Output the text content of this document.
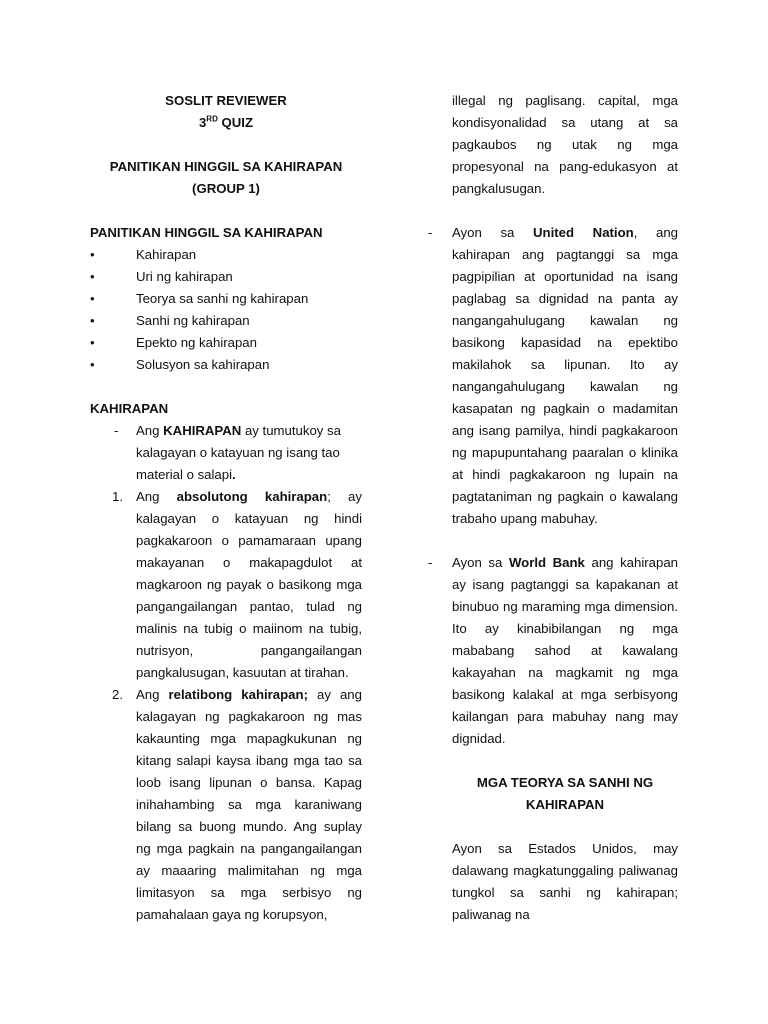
SOSLIT REVIEWER
3RD QUIZ
PANITIKAN HINGGIL SA KAHIRAPAN
(GROUP 1)
PANITIKAN HINGGIL SA KAHIRAPAN
• Kahirapan
• Uri ng kahirapan
• Teorya sa sanhi ng kahirapan
• Sanhi ng kahirapan
• Epekto ng kahirapan
• Solusyon sa kahirapan
KAHIRAPAN
- Ang KAHIRAPAN ay tumutukoy sa kalagayan o katayuan ng isang tao material o salapi.
1. Ang absolutong kahirapan; ay kalagayan o katayuan ng hindi pagkakaroon o pamamaraan upang makayanan o makapagdulot at magkaroon ng payak o basikong mga pangangailangan pantao, tulad ng malinis na tubig o maiinom na tubig, nutrisyon, pangangailangan pangkalusugan, kasuutan at tirahan.
2. Ang relatibong kahirapan; ay ang kalagayan ng pagkakaroon ng mas kakaunting mga mapagkukunan ng kitang salapi kaysa ibang mga tao sa loob isang lipunan o bansa. Kapag inihahambing sa mga karaniwang bilang sa buong mundo. Ang suplay ng mga pagkain na pangangailangan ay maaaring malimitahan ng mga limitasyon sa mga serbisyo ng pamahalaan gaya ng korupsyon,
illegal ng paglisang. capital, mga kondisyonalidad sa utang at sa pagkaubos ng utak ng mga propesyonal na pang-edukasyon at pangkalusugan.
- Ayon sa United Nation, ang kahirapan ang pagtanggi sa mga pagpipilian at oportunidad na isang paglabag sa dignidad na panta ay nangangahulugang kawalan ng basikong kapasidad na epektibo makilahok sa lipunan. Ito ay nangangahulugang kawalan ng kasapatan ng pagkain o madamitan ang isang pamilya, hindi pagkakaroon ng mapupuntahang paaralan o klinika at hindi pagkakaroon ng lupain na pagtataniman ng pagkain o kawalang trabaho upang mabuhay.
- Ayon sa World Bank ang kahirapan ay isang pagtanggi sa kapakanan at binubuo ng maraming mga dimension. Ito ay kinabibilangan ng mga mababang sahod at kawalang kakayahan na magkamit ng mga basikong kalakal at mga serbisyong kailangan para mabuhay nang may dignidad.
MGA TEORYA SA SANHI NG
KAHIRAPAN
Ayon sa Estados Unidos, may dalawang magkatunggaling paliwanag tungkol sa sanhi ng kahirapan; paliwanag na
